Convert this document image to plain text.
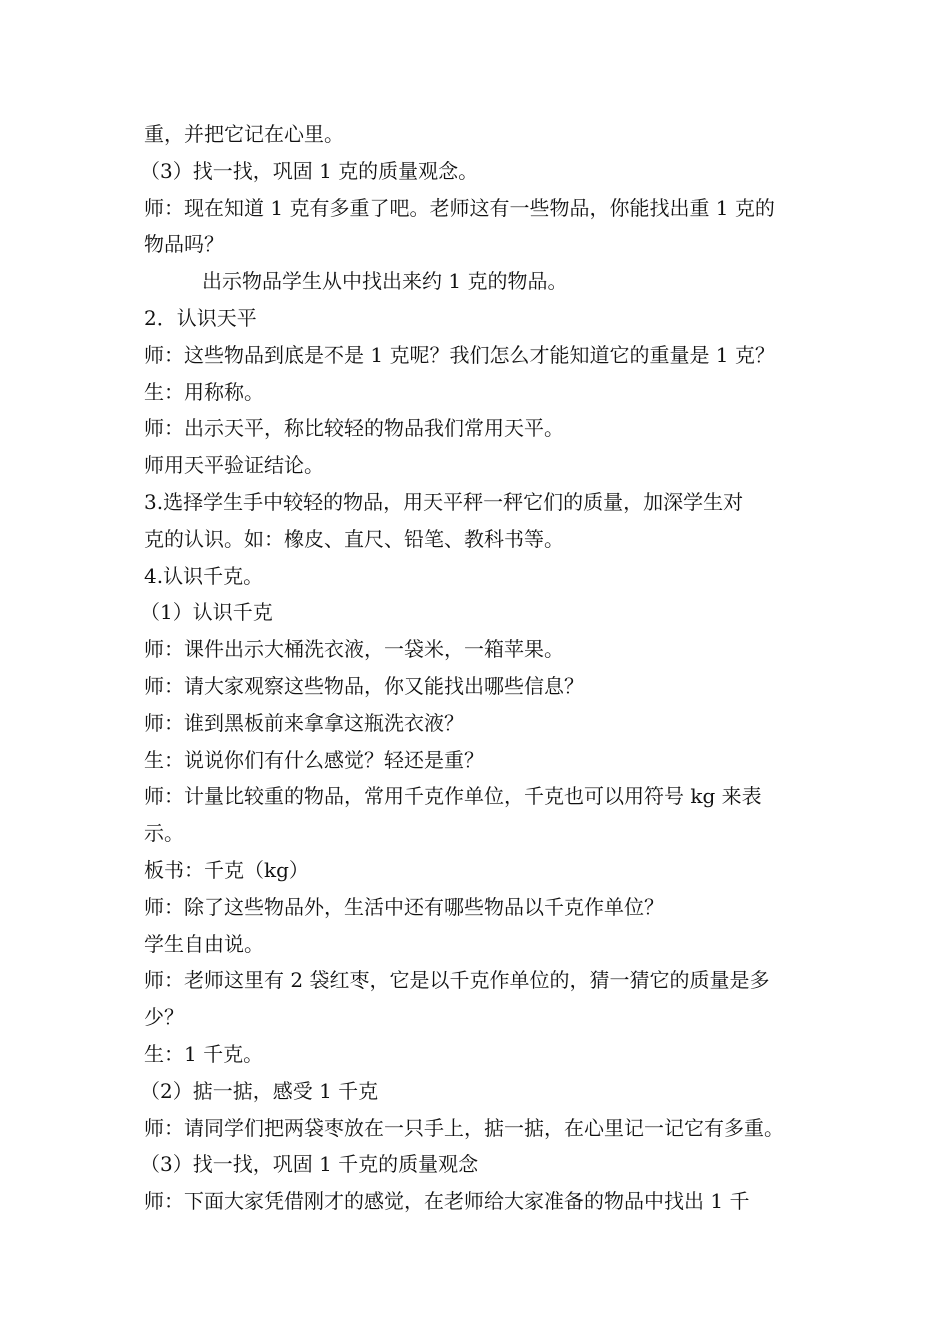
重，并把它记在心里。
（3）找一找，巩固 1 克的质量观念。
师：现在知道 1 克有多重了吧。老师这有一些物品，你能找出重 1 克的
物品吗？
出示物品学生从中找出来约 1 克的物品。
2．认识天平
师：这些物品到底是不是 1 克呢？我们怎么才能知道它的重量是 1 克？
生：用称称。
师：出示天平，称比较轻的物品我们常用天平。
师用天平验证结论。
3.选择学生手中较轻的物品，用天平秤一秤它们的质量，加深学生对
克的认识。如：橡皮、直尺、铅笔、教科书等。
4.认识千克。
（1）认识千克
师：课件出示大桶洗衣液，一袋米，一箱苹果。
师：请大家观察这些物品，你又能找出哪些信息？
师：谁到黑板前来拿拿这瓶洗衣液？
生：说说你们有什么感觉？轻还是重？
师：计量比较重的物品，常用千克作单位，千克也可以用符号 kg 来表
示。
板书：千克（kg）
师：除了这些物品外，生活中还有哪些物品以千克作单位？
学生自由说。
师：老师这里有 2 袋红枣，它是以千克作单位的，猜一猜它的质量是多
少？
生：1 千克。
（2）掂一掂，感受 1 千克
师：请同学们把两袋枣放在一只手上，掂一掂，在心里记一记它有多重。
（3）找一找，巩固 1 千克的质量观念
师：下面大家凭借刚才的感觉，在老师给大家准备的物品中找出 1 千
